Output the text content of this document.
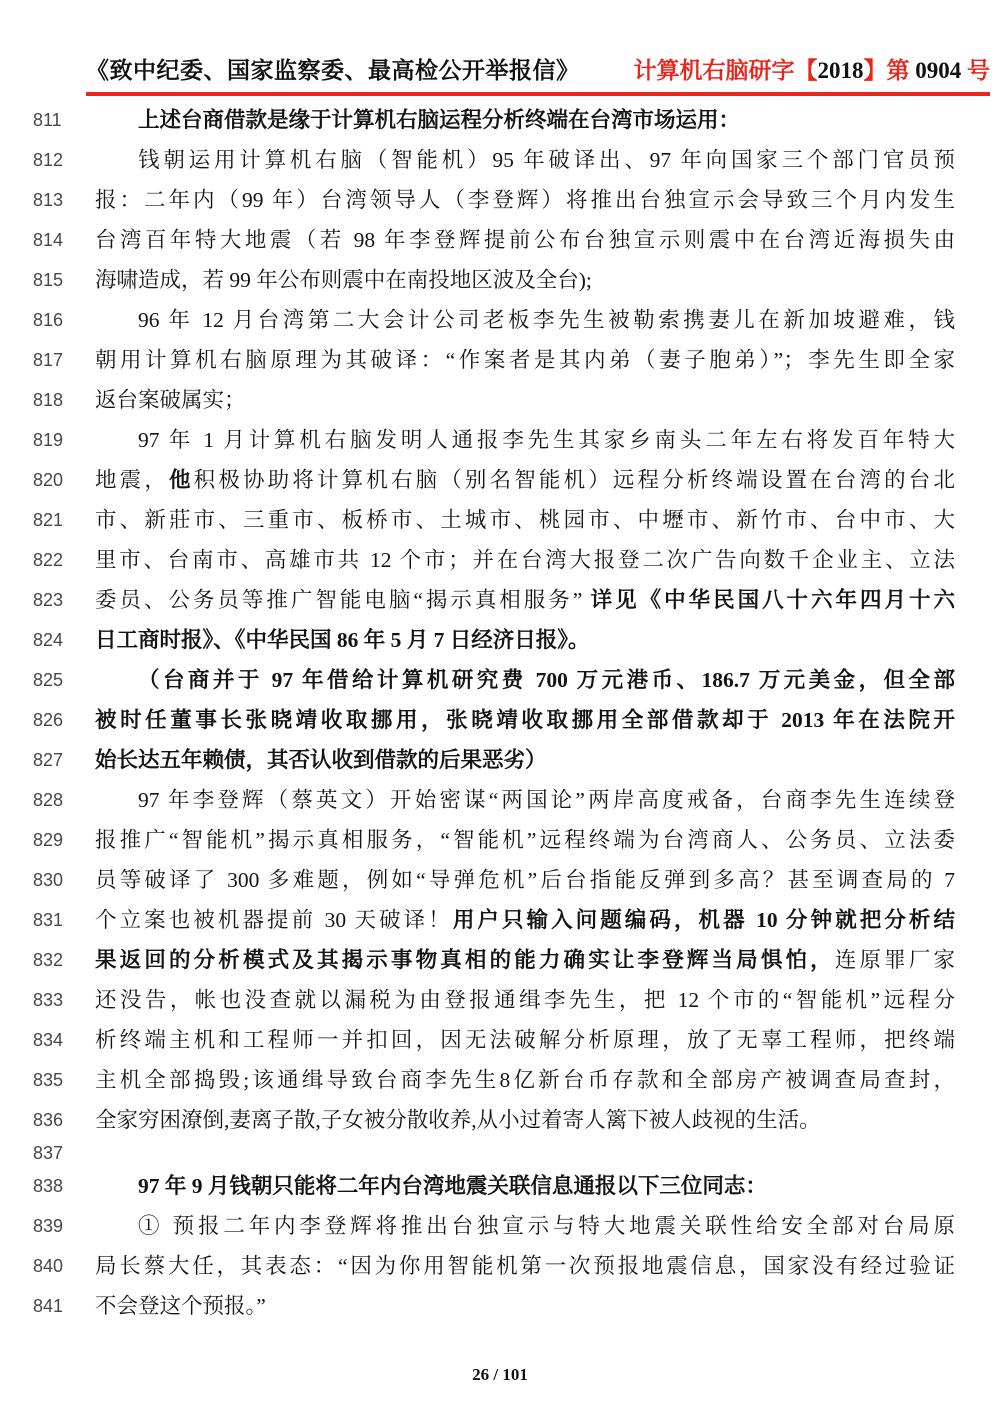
《致中纪委、国家监察委、最高检公开举报信》 计算机右脑研字【2018】第 0904 号
811	上述台商借款是缘于计算机右脑运程分析终端在台湾市场运用：
812	钱朝运用计算机右脑（智能机）95 年破译出、97 年向国家三个部门官员预
813	报：二年内（99 年）台湾领导人（李登辉）将推出台独宣示会导致三个月内发生
814	台湾百年特大地震（若 98 年李登辉提前公布台独宣示则震中在台湾近海损失由
815	海啸造成，若 99 年公布则震中在南投地区波及全台);
816	96 年 12 月台湾第二大会计公司老板李先生被勒索携妻儿在新加坡避难，钱
817	朝用计算机右脑原理为其破译：“作案者是其内弟（妻子胞弟）”；李先生即全家
818	返台案破属实；
819	97 年 1 月计算机右脑发明人通报李先生其家乡南头二年左右将发百年特大
820	地震，他积极协助将计算机右脑（别名智能机）远程分析终端设置在台湾的台北
821	市、新莊市、三重市、板桥市、土城市、桃园市、中壢市、新竹市、台中市、大
822	里市、台南市、高雄市共 12 个市；并在台湾大报登二次广告向数千企业主、立法
823	委员、公务员等推广智能电脑“揭示真相服务” 详见《中华民国八十六年四月十六
824	日工商时报》、《中华民国 86 年 5 月 7 日经济日报》。
825	（台商并于 97 年借给计算机研究费 700 万元港币、186.7 万元美金，但全部
826	被时任董事长张晓靖收取挪用，张晓靖收取挪用全部借款却于 2013 年在法院开
827	始长达五年赖债，其否认收到借款的后果恶劣）
828	97 年李登辉（蔡英文）开始密谋“两国论”两岸高度戒备，台商李先生连续登
829	报推广“智能机”揭示真相服务，“智能机”远程终端为台湾商人、公务员、立法委
830	员等破译了 300 多难题，例如“导弹危机”后台指能反弹到多高？甚至调查局的 7
831	个立案也被机器提前 30 天破译！用户只输入问题编码，机器 10 分钟就把分析结
832	果返回的分析模式及其揭示事物真相的能力确实让李登辉当局惧怕，连原罪厂家
833	还没告，帐也没查就以漏税为由登报通缉李先生，把 12 个市的“智能机”远程分
834	析终端主机和工程师一并扣回，因无法破解分析原理，放了无辜工程师，把终端
835	主机全部捣毁;该通缉导致台商李先生8亿新台币存款和全部房产被调查局查封，
836	全家穷困潦倒,妻离子散,子女被分散收养,从小过着寄人篱下被人歧视的生活。
837
838	97 年 9 月钱朝只能将二年内台湾地震关联信息通报以下三位同志：
839	① 预报二年内李登辉将推出台独宣示与特大地震关联性给安全部对台局原
840	局长蔡大任，其表态：“因为你用智能机第一次预报地震信息，国家没有经过验证
841	不会登这个预报。”
26 / 101
